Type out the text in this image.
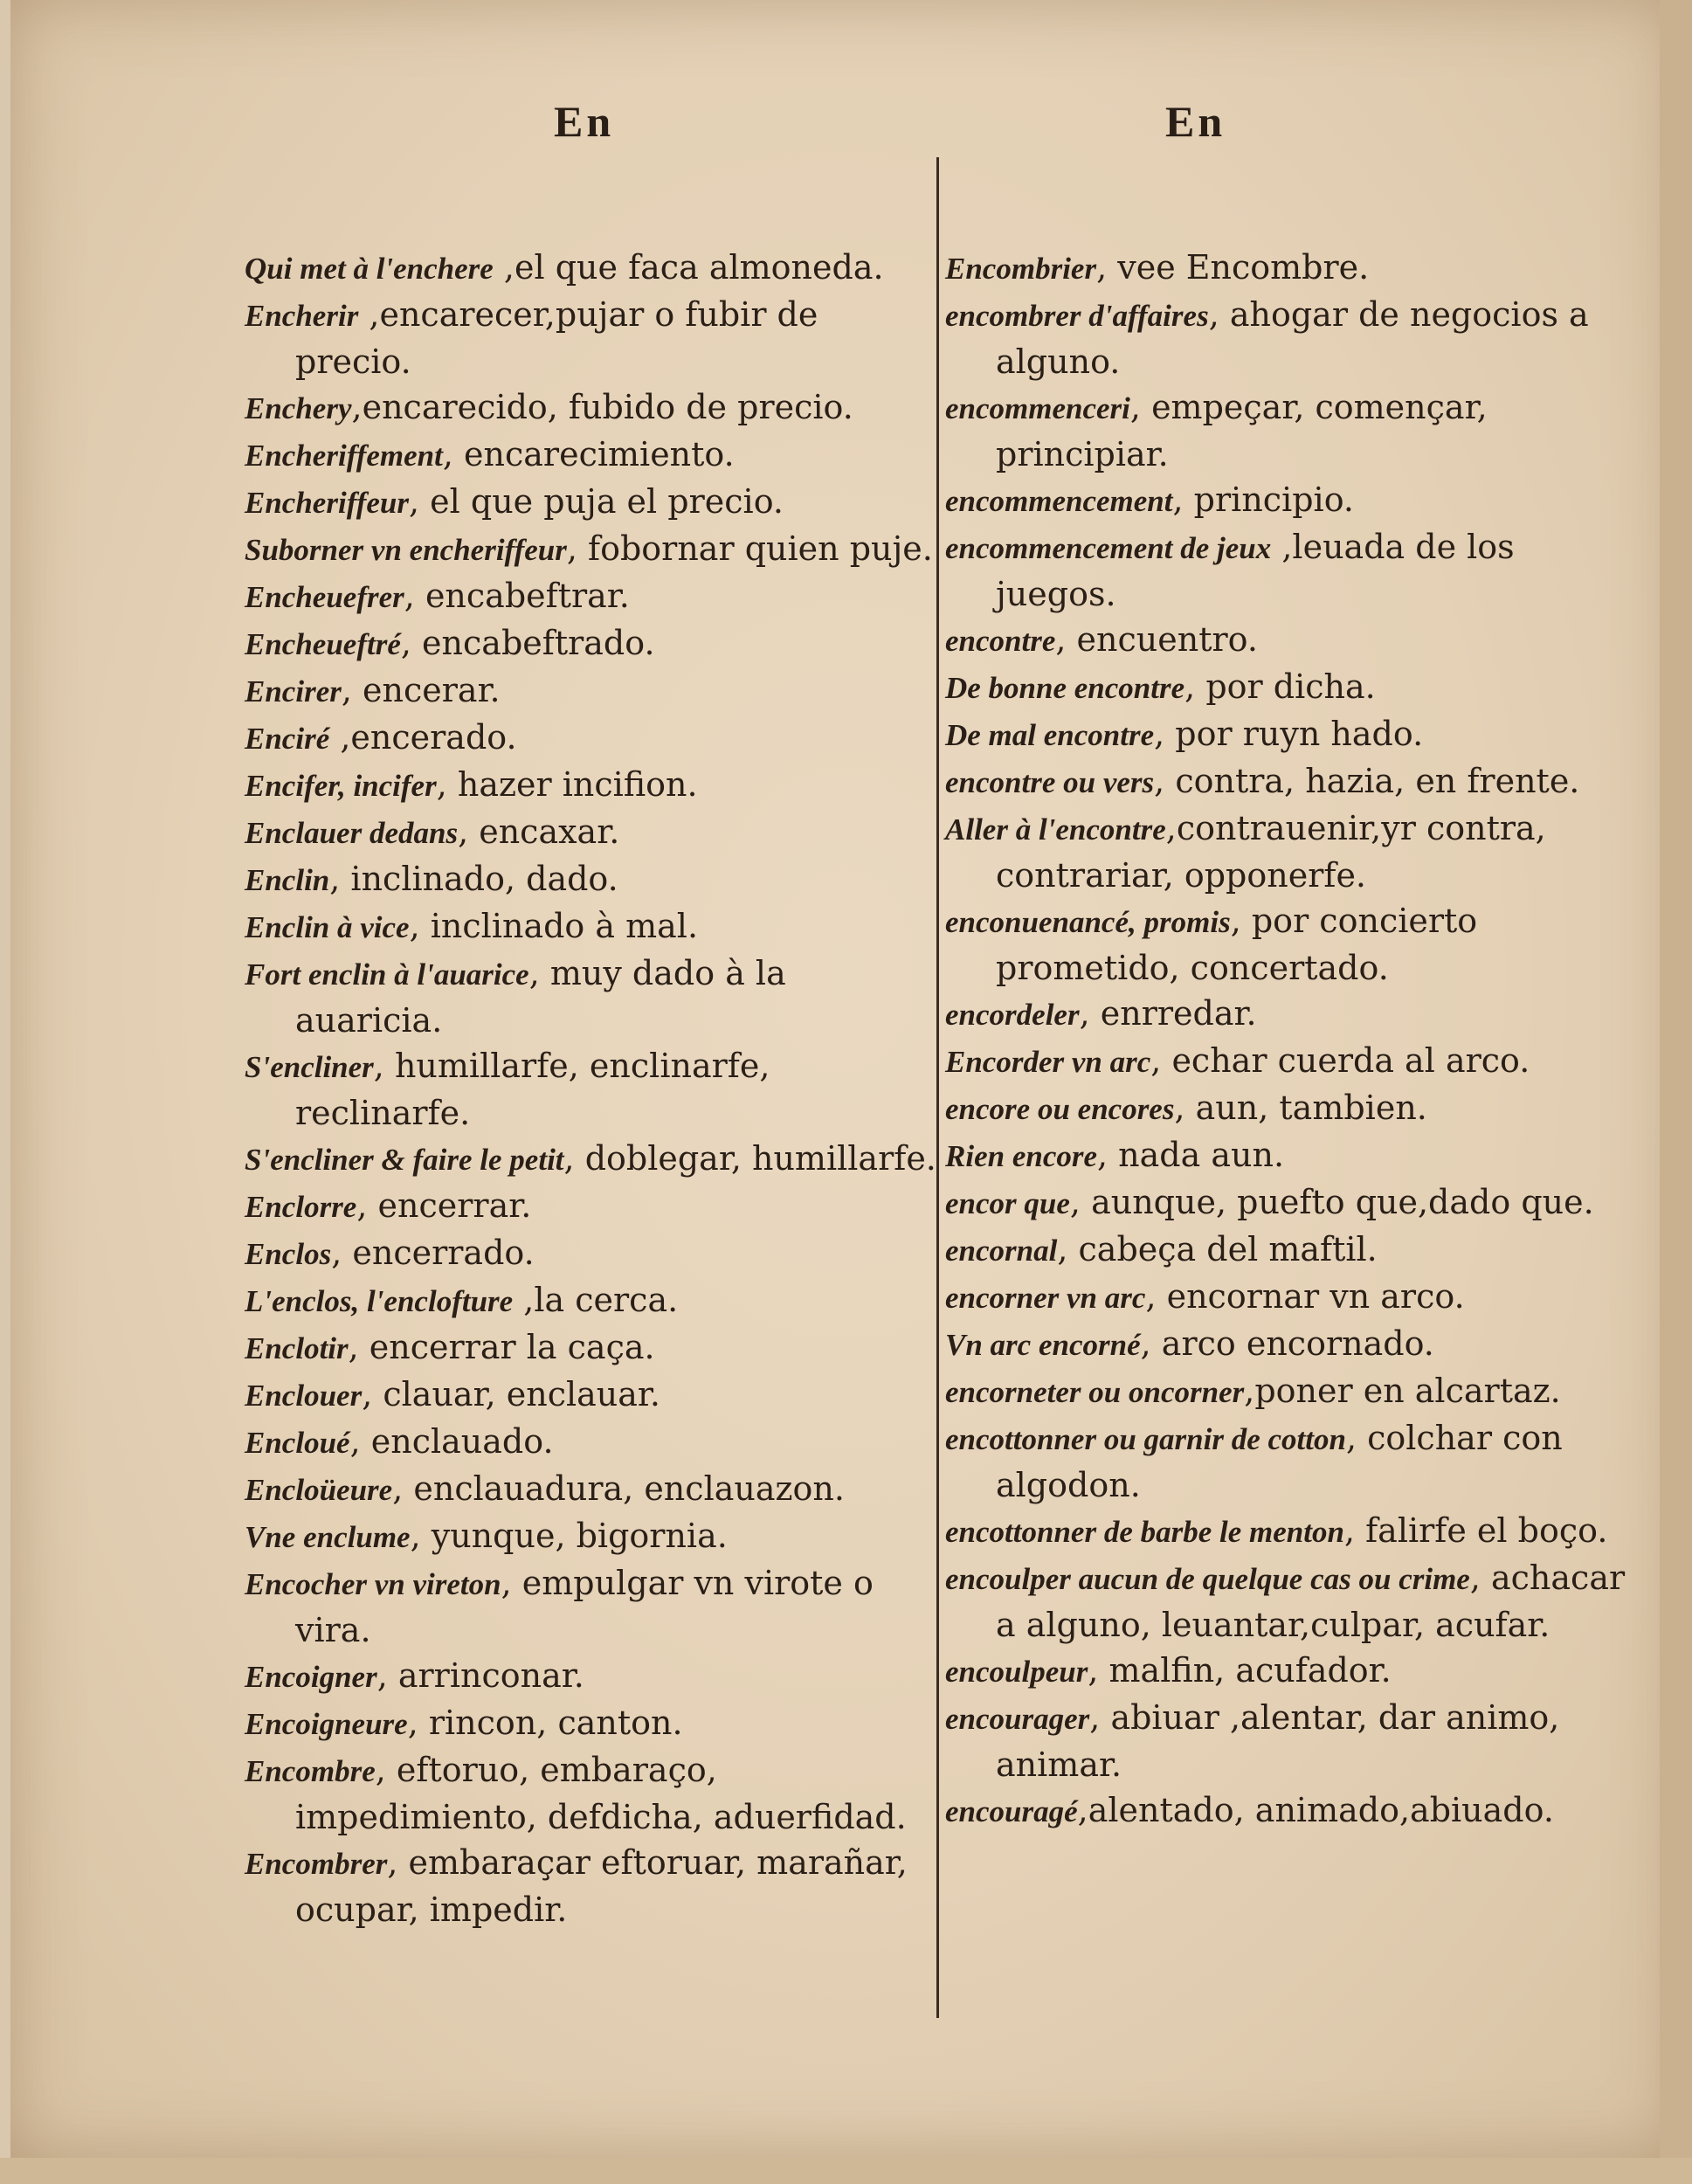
En	En

Qui met à l'enchere ,el que faca almoneda.

Encherir ,encarecer,pujar o fubir de precio.

Enchery,encarecido, fubido de precio.

Encheriffement, encarecimiento.

Encheriffeur, el que puja el precio.

Suborner vn encheriffeur, fobornar quien puje.

Encheuefrer, encabeftrar.

Encheueftré, encabeftrado.

Encirer, encerar.

Enciré ,encerado.

Encifer, incifer, hazer incifion.

Enclauer dedans, encaxar.

Enclin, inclinado, dado.

Enclin à vice, inclinado à mal.

Fort enclin à l'auarice, muy dado à la auaricia.

S'encliner, humillarfe, enclinarfe, reclinarfe.

S'encliner & faire le petit, doblegar, humillarfe.

Enclorre, encerrar.

Enclos, encerrado.

L'enclos, l'enclofture ,la cerca.

Enclotir, encerrar la caça.

Enclouer, clauar, enclauar.

Encloué, enclauado.

Encloüeure, enclauadura, enclauazon.

Vne enclume, yunque, bigornia.

Encocher vn vireton, empulgar vn virote o vira.

Encoigner, arrinconar.

Encoigneure, rincon, canton.

Encombre, eftoruo, embaraço, impedimiento, defdicha, aduerfidad.

Encombrer, embaraçar eftoruar, marañar, ocupar, impedir.

Encombrier, vee Encombre.

encombrer d'affaires, ahogar de negocios a alguno.

encommenceri, empeçar, començar, principiar.

encommencement, principio.

encommencement de jeux ,leuada de los juegos.

encontre, encuentro.

De bonne encontre, por dicha.

De mal encontre, por ruyn hado.

encontre ou vers, contra, hazia, en frente.

Aller à l'encontre,contrauenir,yr contra, contrariar, opponerfe.

enconuenancé, promis, por concierto prometido, concertado.

encordeler, enrredar.

Encorder vn arc, echar cuerda al arco.

encore ou encores, aun, tambien.

Rien encore, nada aun.

encor que, aunque, puefto que,dado que.

encornal, cabeça del maftil.

encorner vn arc, encornar vn arco.

Vn arc encorné, arco encornado.

encorneter ou oncorner,poner en alcartaz.

encottonner ou garnir de cotton, colchar con algodon.

encottonner de barbe le menton, falirfe el boço.

encoulper aucun de quelque cas ou crime, achacar a alguno, leuantar,culpar, acufar.

encoulpeur, malfin, acufador.

encourager, abiuar ,alentar, dar animo, animar.

encouragé,alentado, animado,abiuado.
